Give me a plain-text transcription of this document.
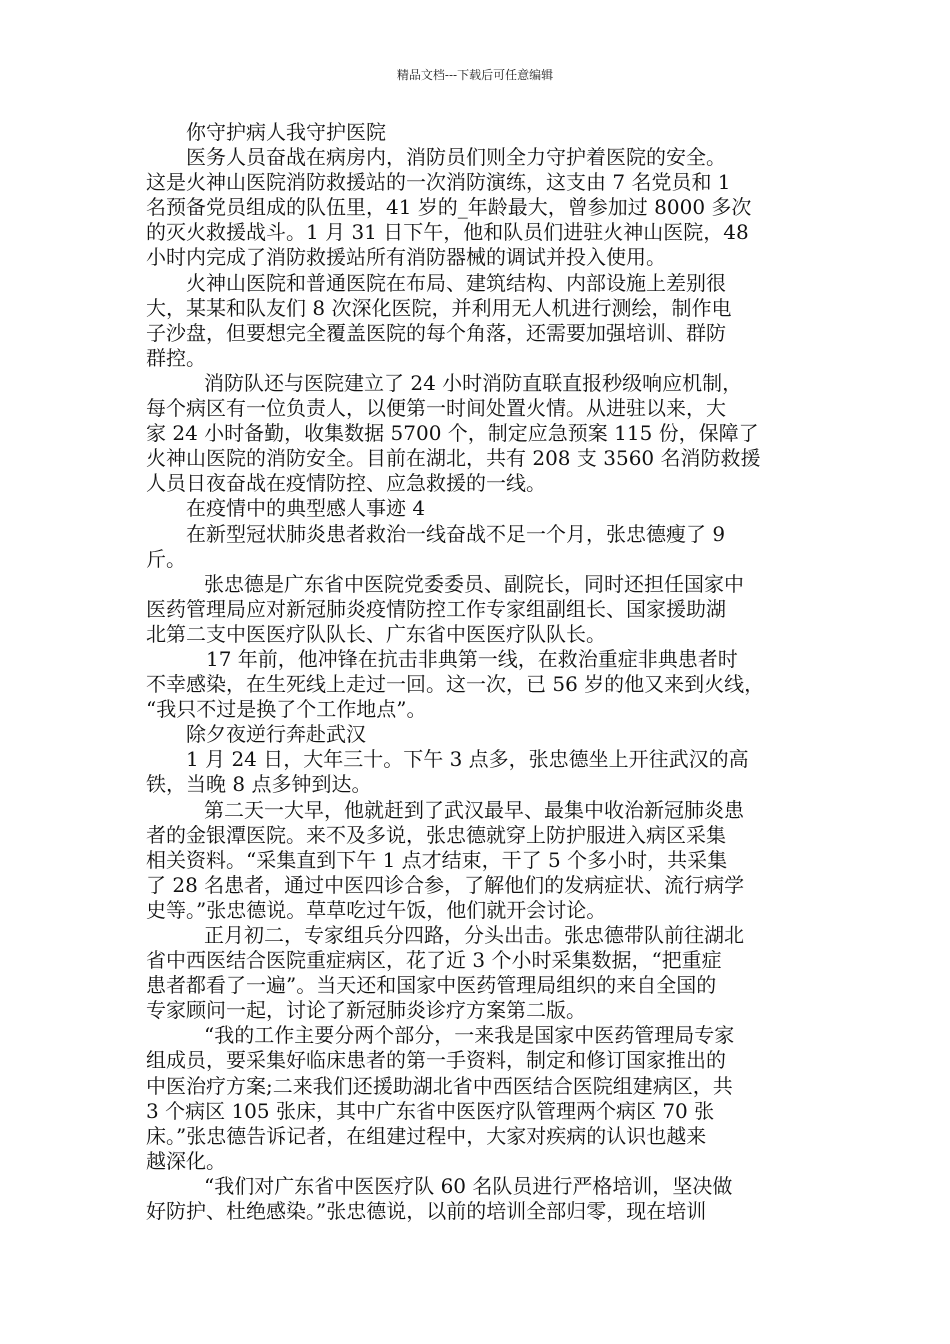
精品文档---下载后可任意编辑
你守护病人我守护医院
医务人员奋战在病房内，消防员们则全力守护着医院的安全。
这是火神山医院消防救援站的一次消防演练，这支由 7 名党员和 1
名预备党员组成的队伍里，41 岁的_年龄最大，曾参加过 8000 多次
的灭火救援战斗。1 月 31 日下午，他和队员们进驻火神山医院，48
小时内完成了消防救援站所有消防器械的调试并投入使用。
火神山医院和普通医院在布局、建筑结构、内部设施上差别很
大，某某和队友们 8 次深化医院，并利用无人机进行测绘，制作电
子沙盘，但要想完全覆盖医院的每个角落，还需要加强培训、群防
群控。
消防队还与医院建立了 24 小时消防直联直报秒级响应机制，
每个病区有一位负责人，以便第一时间处置火情。从进驻以来，大
家 24 小时备勤，收集数据 5700 个，制定应急预案 115 份，保障了
火神山医院的消防安全。目前在湖北，共有 208 支 3560 名消防救援
人员日夜奋战在疫情防控、应急救援的一线。
在疫情中的典型感人事迹 4
在新型冠状肺炎患者救治一线奋战不足一个月，张忠德瘦了 9
斤。
张忠德是广东省中医院党委委员、副院长，同时还担任国家中
医药管理局应对新冠肺炎疫情防控工作专家组副组长、国家援助湖
北第二支中医医疗队队长、广东省中医医疗队队长。
17 年前，他冲锋在抗击非典第一线，在救治重症非典患者时
不幸感染，在生死线上走过一回。这一次，已 56 岁的他又来到火线，
“我只不过是换了个工作地点”。
除夕夜逆行奔赴武汉
1 月 24 日，大年三十。下午 3 点多，张忠德坐上开往武汉的高
铁，当晚 8 点多钟到达。
第二天一大早，他就赶到了武汉最早、最集中收治新冠肺炎患
者的金银潭医院。来不及多说，张忠德就穿上防护服进入病区采集
相关资料。“采集直到下午 1 点才结束，干了 5 个多小时，共采集
了 28 名患者，通过中医四诊合参，了解他们的发病症状、流行病学
史等。”张忠德说。草草吃过午饭，他们就开会讨论。
正月初二，专家组兵分四路，分头出击。张忠德带队前往湖北
省中西医结合医院重症病区，花了近 3 个小时采集数据，“把重症
患者都看了一遍”。当天还和国家中医药管理局组织的来自全国的
专家顾问一起，讨论了新冠肺炎诊疗方案第二版。
“我的工作主要分两个部分，一来我是国家中医药管理局专家
组成员，要采集好临床患者的第一手资料，制定和修订国家推出的
中医治疗方案;二来我们还援助湖北省中西医结合医院组建病区，共
3 个病区 105 张床，其中广东省中医医疗队管理两个病区 70 张
床。”张忠德告诉记者，在组建过程中，大家对疾病的认识也越来
越深化。
“我们对广东省中医医疗队 60 名队员进行严格培训，坚决做
好防护、杜绝感染。”张忠德说，以前的培训全部归零，现在培训
